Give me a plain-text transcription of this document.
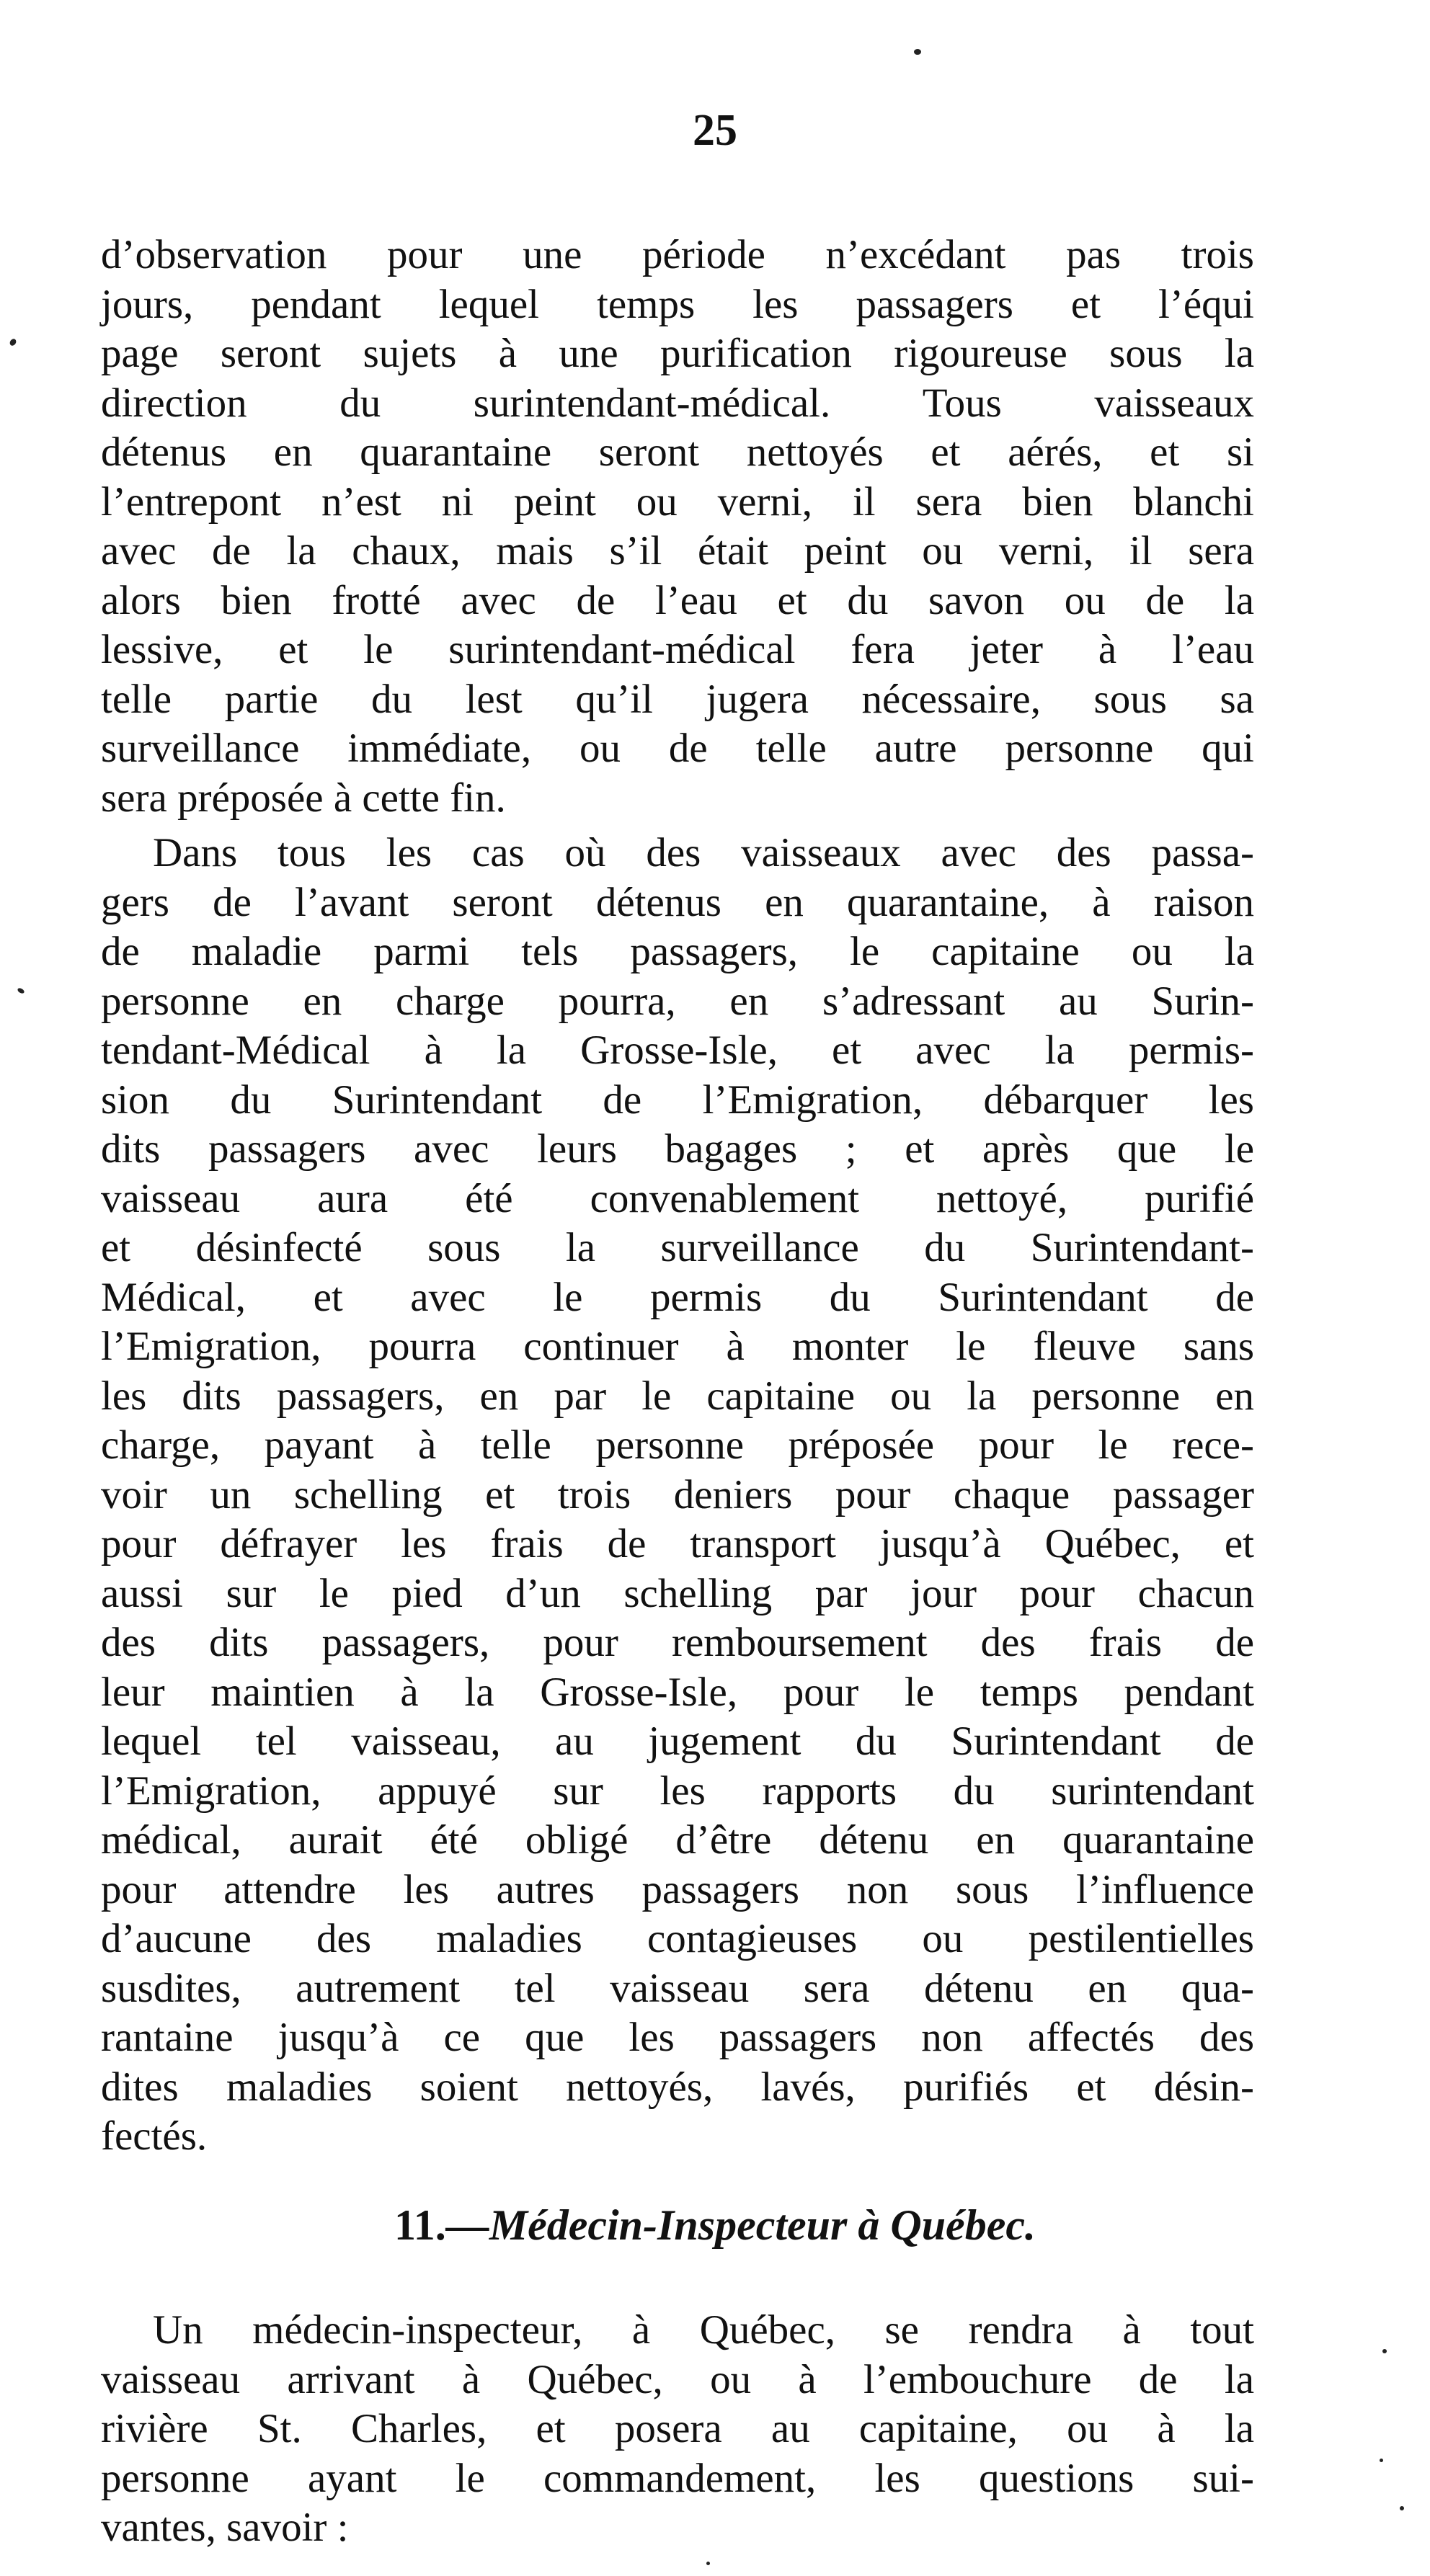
25
d’observation pour une période n’excédant pas trois
jours, pendant lequel temps les passagers et l’équi
page seront sujets à une purification rigoureuse sous la
direction du surintendant-médical. Tous vaisseaux
détenus en quarantaine seront nettoyés et aérés, et si
l’entrepont n’est ni peint ou verni, il sera bien blanchi
avec de la chaux, mais s’il était peint ou verni, il sera
alors bien frotté avec de l’eau et du savon ou de la
lessive, et le surintendant-médical fera jeter à l’eau
telle partie du lest qu’il jugera nécessaire, sous sa
surveillance immédiate, ou de telle autre personne qui
sera préposée à cette fin.
Dans tous les cas où des vaisseaux avec des passa-
gers de l’avant seront détenus en quarantaine, à raison
de maladie parmi tels passagers, le capitaine ou la
personne en charge pourra, en s’adressant au Surin-
tendant-Médical à la Grosse-Isle, et avec la permis-
sion du Surintendant de l’Emigration, débarquer les
dits passagers avec leurs bagages ; et après que le
vaisseau aura été convenablement nettoyé, purifié
et désinfecté sous la surveillance du Surintendant-
Médical, et avec le permis du Surintendant de
l’Emigration, pourra continuer à monter le fleuve sans
les dits passagers, en par le capitaine ou la personne en
charge, payant à telle personne préposée pour le rece-
voir un schelling et trois deniers pour chaque passager
pour défrayer les frais de transport jusqu’à Québec, et
aussi sur le pied d’un schelling par jour pour chacun
des dits passagers, pour remboursement des frais de
leur maintien à la Grosse-Isle, pour le temps pendant
lequel tel vaisseau, au jugement du Surintendant de
l’Emigration, appuyé sur les rapports du surintendant
médical, aurait été obligé d’être détenu en quarantaine
pour attendre les autres passagers non sous l’influence
d’aucune des maladies contagieuses ou pestilentielles
susdites, autrement tel vaisseau sera détenu en qua-
rantaine jusqu’à ce que les passagers non affectés des
dites maladies soient nettoyés, lavés, purifiés et désin-
fectés.
11.—Médecin-Inspecteur à Québec.
Un médecin-inspecteur, à Québec, se rendra à tout
vaisseau arrivant à Québec, ou à l’embouchure de la
rivière St. Charles, et posera au capitaine, ou à la
personne ayant le commandement, les questions sui-
vantes, savoir :
